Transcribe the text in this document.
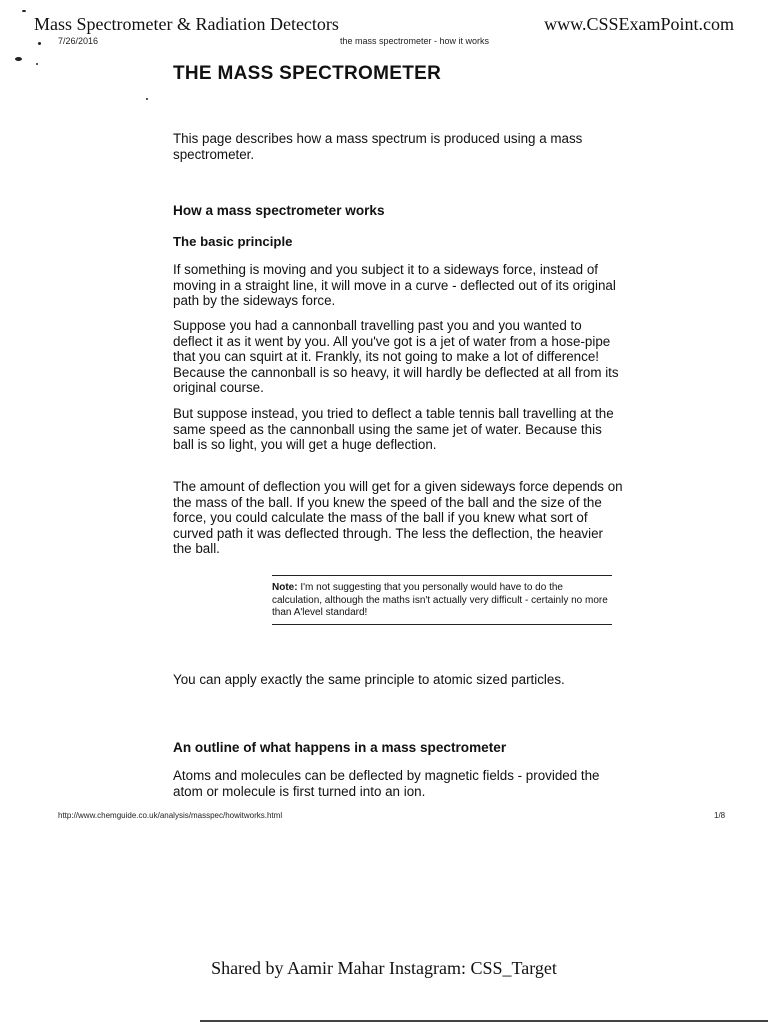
Mass Spectrometer & Radiation Detectors	www.CSSExamPoint.com
7/26/2016	the mass spectrometer - how it works
THE MASS SPECTROMETER

This page describes how a mass spectrum is produced using a mass spectrometer.

How a mass spectrometer works
The basic principle

If something is moving and you subject it to a sideways force, instead of moving in a straight line, it will move in a curve - deflected out of its original path by the sideways force.

Suppose you had a cannonball travelling past you and you wanted to deflect it as it went by you. All you've got is a jet of water from a hose-pipe that you can squirt at it. Frankly, its not going to make a lot of difference! Because the cannonball is so heavy, it will hardly be deflected at all from its original course.

But suppose instead, you tried to deflect a table tennis ball travelling at the same speed as the cannonball using the same jet of water. Because this ball is so light, you will get a huge deflection.

The amount of deflection you will get for a given sideways force depends on the mass of the ball. If you knew the speed of the ball and the size of the force, you could calculate the mass of the ball if you knew what sort of curved path it was deflected through. The less the deflection, the heavier the ball.

Note: I'm not suggesting that you personally would have to do the calculation, although the maths isn't actually very difficult - certainly no more than A'level standard!

You can apply exactly the same principle to atomic sized particles.

An outline of what happens in a mass spectrometer

Atoms and molecules can be deflected by magnetic fields - provided the atom or molecule is first turned into an ion.

http://www.chemguide.co.uk/analysis/masspec/howitworks.html	1/8
Shared by Aamir Mahar Instagram: CSS_Target
